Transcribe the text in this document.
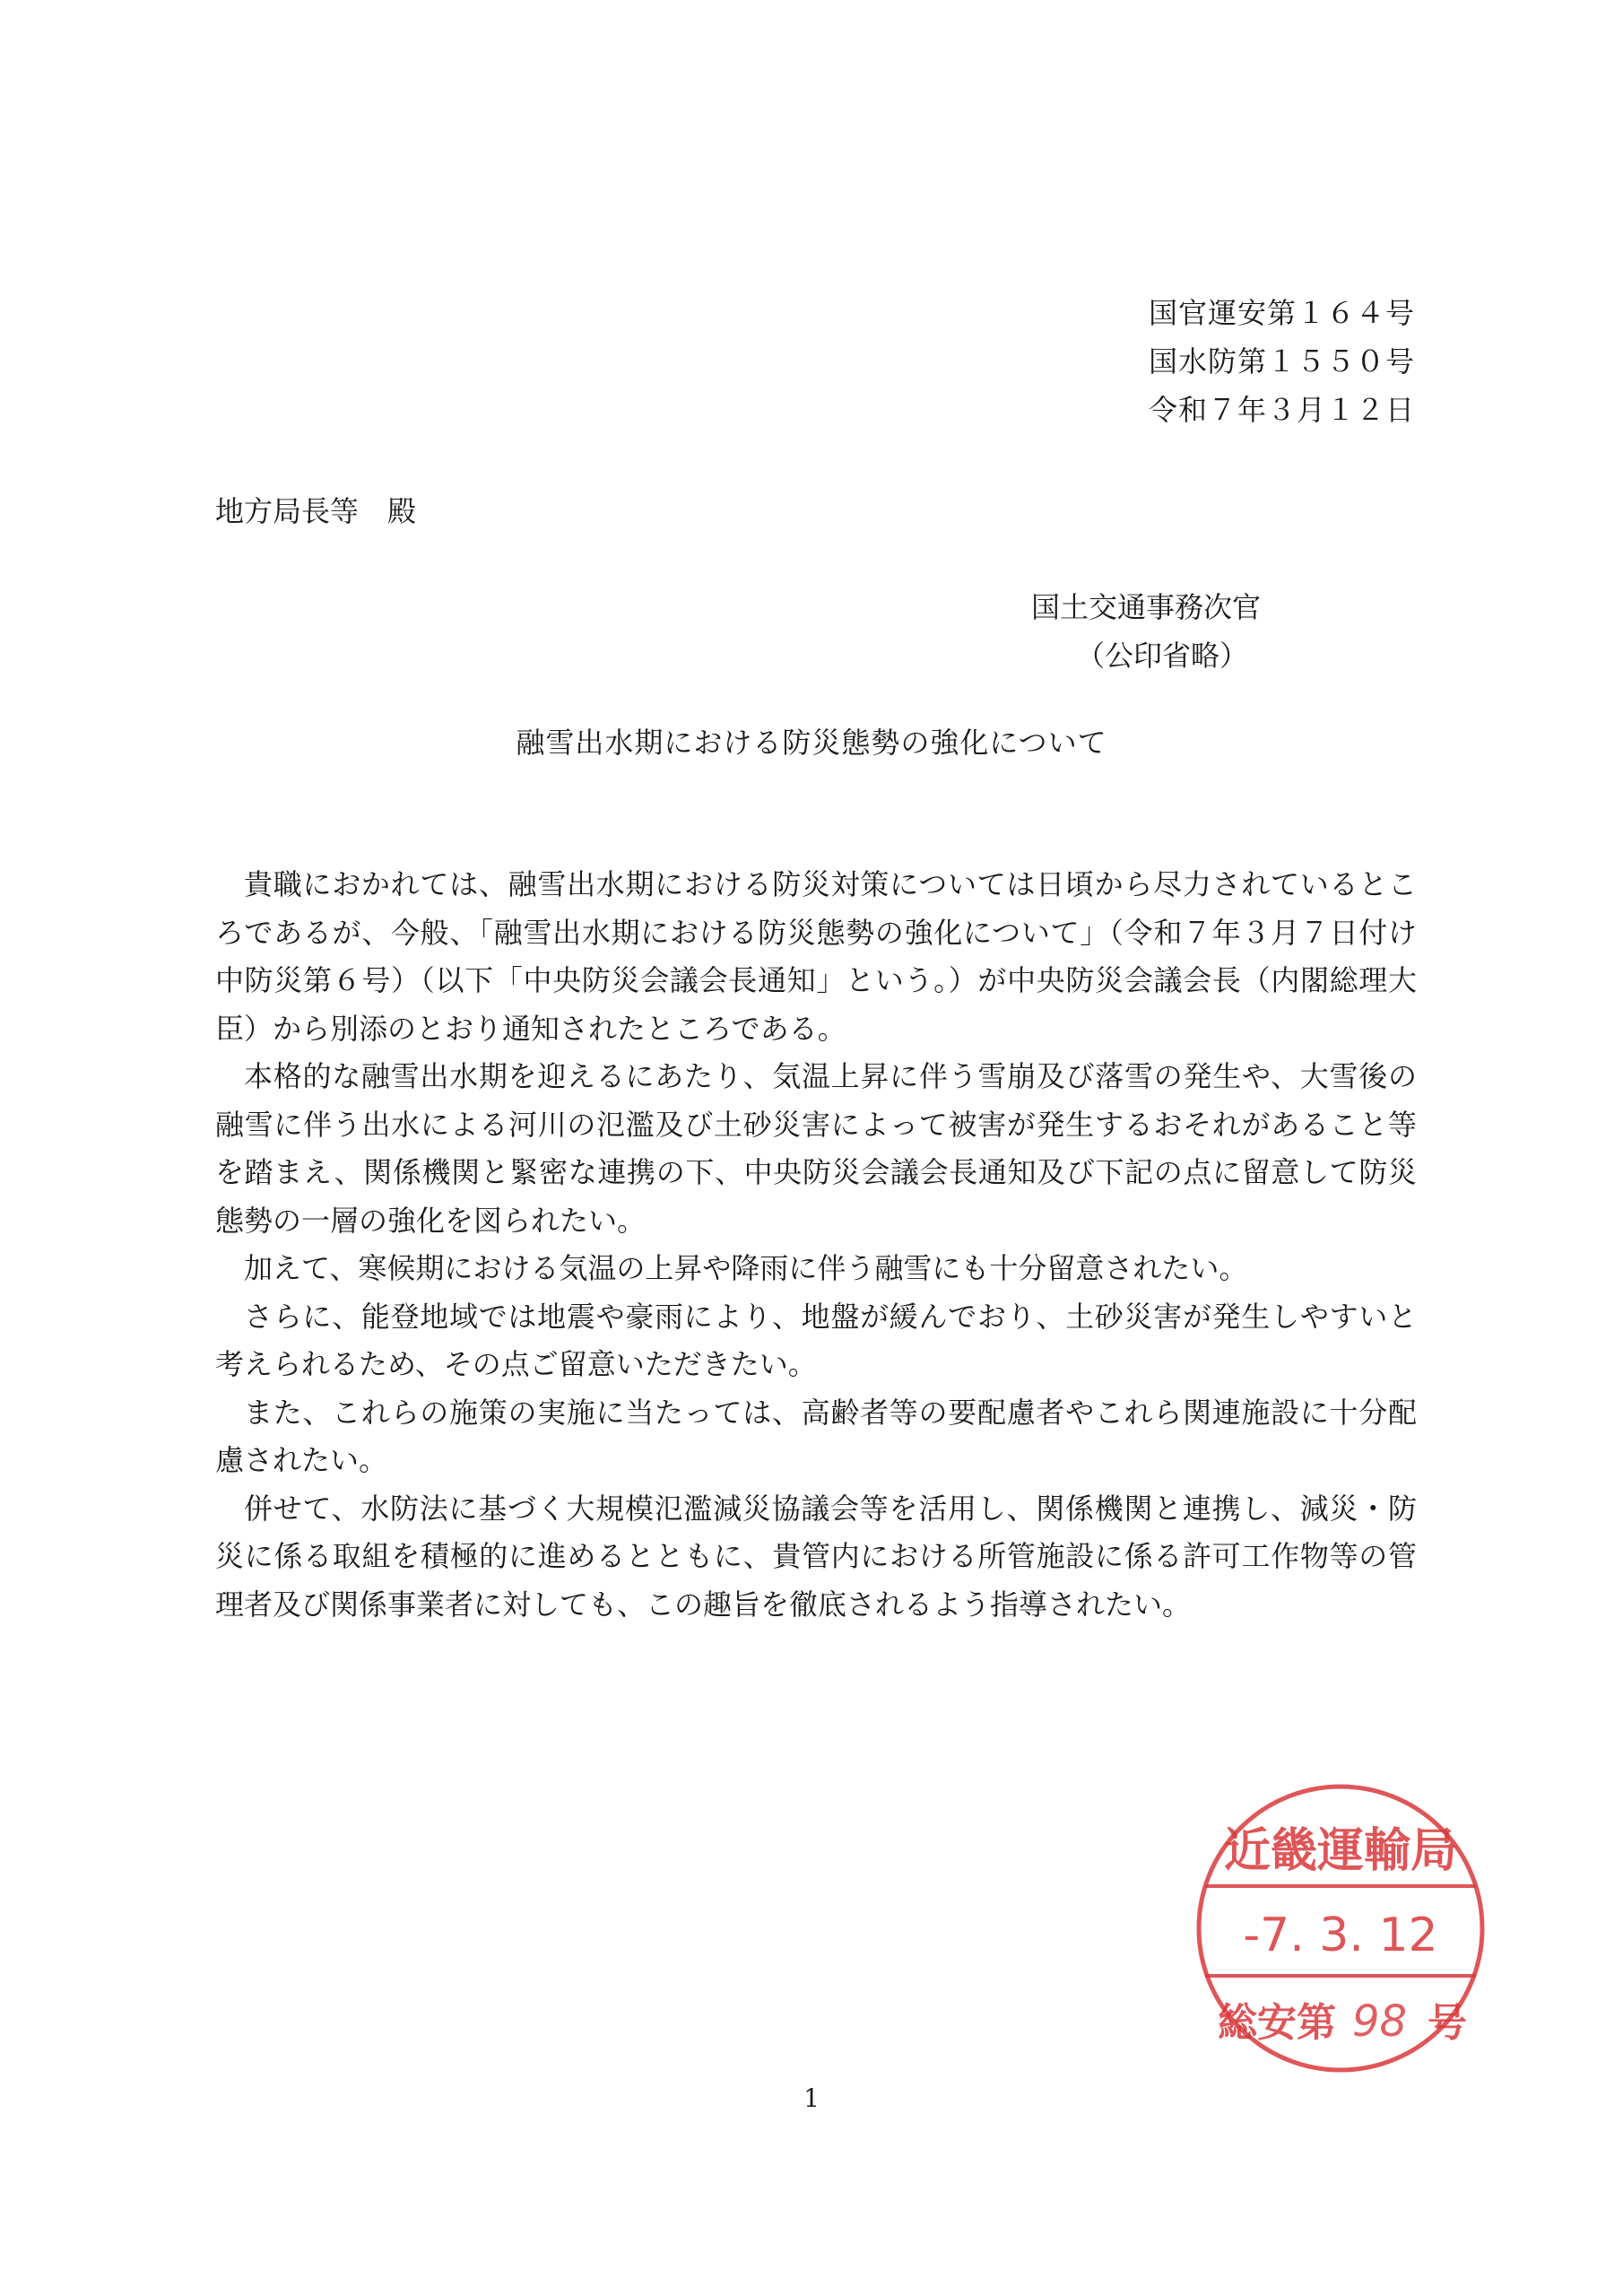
国官運安第１６４号
国水防第１５５０号
令和７年３月１２日
地方局長等　殿
国土交通事務次官
（公印省略）
融雪出水期における防災態勢の強化について

貴職におかれては、融雪出水期における防災対策については日頃から尽力されているところであるが、今般、「融雪出水期における防災態勢の強化について」（令和７年３月７日付け中防災第６号）（以下「中央防災会議会長通知」という。）が中央防災会議会長（内閣総理大臣）から別添のとおり通知されたところである。

本格的な融雪出水期を迎えるにあたり、気温上昇に伴う雪崩及び落雪の発生や、大雪後の融雪に伴う出水による河川の氾濫及び土砂災害によって被害が発生するおそれがあること等を踏まえ、関係機関と緊密な連携の下、中央防災会議会長通知及び下記の点に留意して防災態勢の一層の強化を図られたい。

加えて、寒候期における気温の上昇や降雨に伴う融雪にも十分留意されたい。

さらに、能登地域では地震や豪雨により、地盤が緩んでおり、土砂災害が発生しやすいと考えられるため、その点ご留意いただきたい。

また、これらの施策の実施に当たっては、高齢者等の要配慮者やこれら関連施設に十分配慮されたい。

併せて、水防法に基づく大規模氾濫減災協議会等を活用し、関係機関と連携し、減災・防災に係る取組を積極的に進めるとともに、貴管内における所管施設に係る許可工作物等の管理者及び関係事業者に対しても、この趣旨を徹底されるよう指導されたい。

近畿運輸局
-7. 3. 12
総安第 98 号
1
